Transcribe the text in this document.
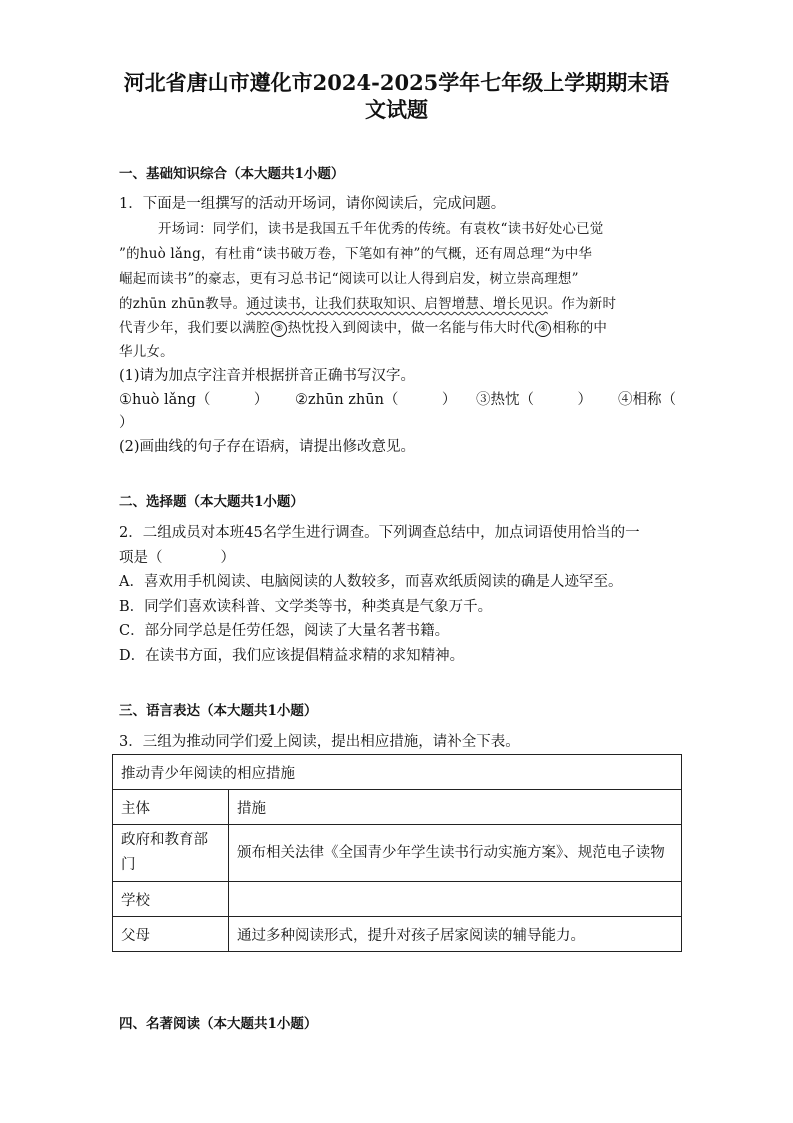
河北省唐山市遵化市2024-2025学年七年级上学期期末语
文试题
一、基础知识综合（本大题共1小题）
1．下面是一组撰写的活动开场词，请你阅读后，完成问题。
开场词：同学们，读书是我国五千年优秀的传统。有袁枚“读书好处心已觉
”的huò lǎng，有杜甫“读书破万卷，下笔如有神”的气概，还有周总理“为中华
崛起而读书”的豪志，更有习总书记“阅读可以让人得到启发，树立崇高理想”
的zhūn zhūn教导。通过读书，让我们获取知识、启智增慧、增长见识。作为新时
代青少年，我们要以满腔 ③ 热忱投入到阅读中，做一名能与伟大时代 ④ 相称的中
华儿女。
(1)请为加点字注音并根据拼音正确书写汉字。
①huò lǎng（　　　） ②zhūn zhūn（　　　） ③热忱（　　　） ④相称（
）
(2)画曲线的句子存在语病，请提出修改意见。
二、选择题（本大题共1小题）
2．二组成员对本班45名学生进行调查。下列调查总结中，加点词语使用恰当的一
项是（　　　　）
A．喜欢用手机阅读、电脑阅读的人数较多，而喜欢纸质阅读的确是人迹罕至。
B．同学们喜欢读科普、文学类等书，种类真是气象万千。
C．部分同学总是任劳任怨，阅读了大量名著书籍。
D．在读书方面，我们应该提倡精益求精的求知精神。
三、语言表达（本大题共1小题）
3．三组为推动同学们爱上阅读，提出相应措施，请补全下表。
推动青少年阅读的相应措施	
主体	措施
政府和教育部门	颁布相关法律《全国青少年学生读书行动实施方案》、规范电子读物
学校	
父母	通过多种阅读形式，提升对孩子居家阅读的辅导能力。
四、名著阅读（本大题共1小题）
